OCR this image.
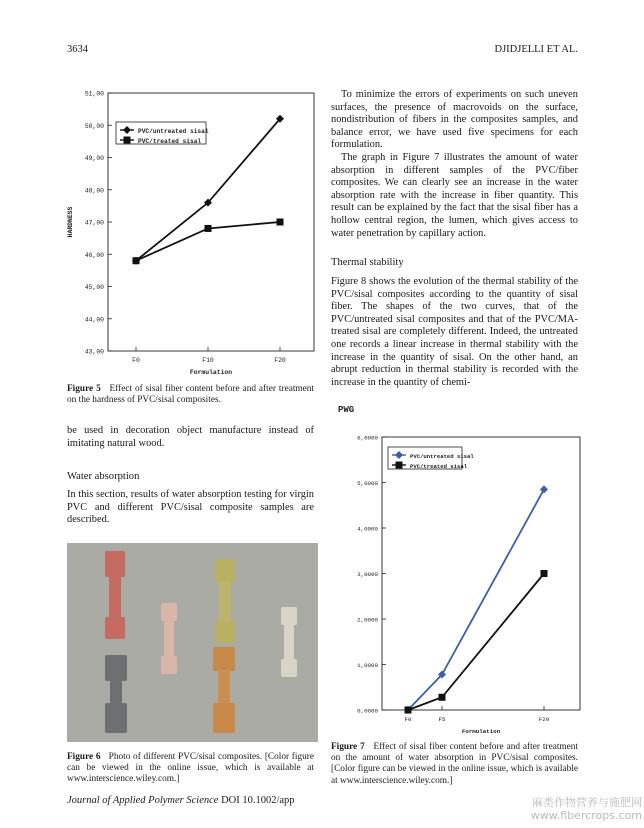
3634	DJIDJELLI ET AL.
43,00
44,00
45,00
46,00
47,00
48,00
49,00
50,00
51,00
F0	F10	F20
Formulation
HARDNESS
PVC/untreated sisal
PVC/treated sisal
Figure 5 Effect of sisal fiber content before and after treatment on the hardness of PVC/sisal composites.
be used in decoration object manufacture instead of imitating natural wood.
Water absorption
In this section, results of water absorption testing for virgin PVC and different PVC/sisal composite samples are described.
Figure 6 Photo of different PVC/sisal composites. [Color figure can be viewed in the online issue, which is available at www.interscience.wiley.com.]

To minimize the errors of experiments on such uneven surfaces, the presence of macrovoids on the surface, nondistribution of fibers in the composites samples, and balance error, we have used five specimens for each formulation.

The graph in Figure 7 illustrates the amount of water absorption in different samples of the PVC/fiber composites. We can clearly see an increase in the water absorption rate with the increase in fiber quantity. This result can be explained by the fact that the sisal fiber has a hollow central region, the lumen, which gives access to water penetration by capillary action.

Thermal stability
Figure 8 shows the evolution of the thermal stability of the PVC/sisal composites according to the quantity of sisal fiber. The shapes of the two curves, that of the PVC/untreated sisal composites and that of the PVC/MA-treated sisal are completely different. Indeed, the untreated one records a linear increase in thermal stability with the increase in the quantity of sisal. On the other hand, an abrupt reduction in thermal stability is recorded with the increase in the quantity of chemi-
0,0000
1,0000
2,0000
3,0000
4,0000
5,0000
6,0000
F0	F5	F20
Formulation
PWG
PVC/untreated sisal
PVC/treated sisal
Figure 7 Effect of sisal fiber content before and after treatment on the amount of water absorption in PVC/sisal composites. [Color figure can be viewed in the online issue, which is available at www.interscience.wiley.com.]
Journal of Applied Polymer Science DOI 10.1002/app	麻类作物营养与施肥网
www.fibercrops.com
